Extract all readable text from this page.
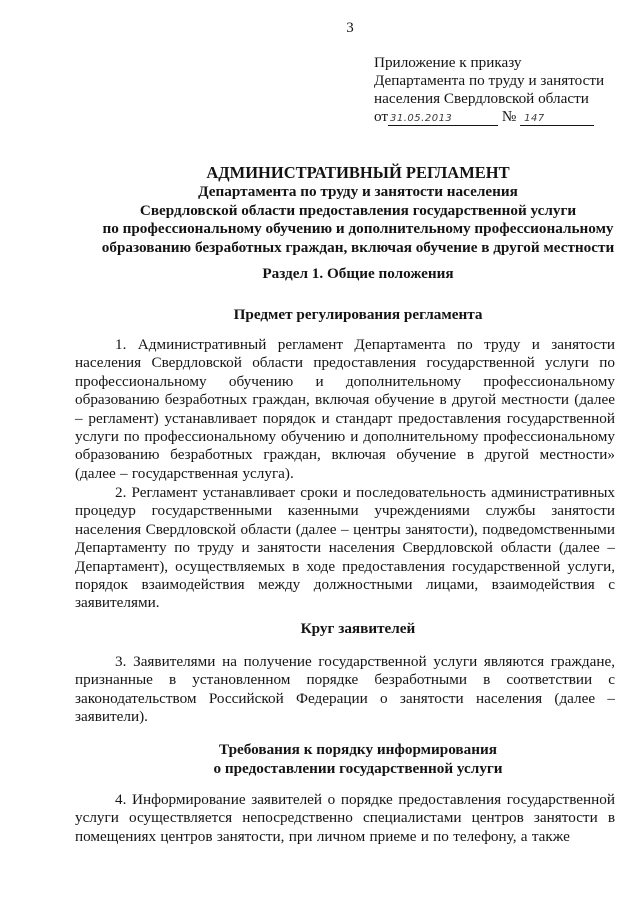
3
Приложение к приказу
Департамента по труду и занятости
населения Свердловской области
от 31.05.2013	№ 147
АДМИНИСТРАТИВНЫЙ РЕГЛАМЕНТ
Департамента по труду и занятости населения
Свердловской области предоставления государственной услуги
по профессиональному обучению и дополнительному профессиональному
образованию безработных граждан, включая обучение в другой местности
Раздел 1. Общие положения
Предмет регулирования регламента
1. Административный регламент Департамента по труду и занятости населения Свердловской области предоставления государственной услуги по профессиональному обучению и дополнительному профессиональному образованию безработных граждан, включая обучение в другой местности (далее – регламент) устанавливает порядок и стандарт предоставления государственной услуги по профессиональному обучению и дополнительному профессиональному образованию безработных граждан, включая обучение в другой местности» (далее – государственная услуга).
2. Регламент устанавливает сроки и последовательность административных процедур государственными казенными учреждениями службы занятости населения Свердловской области (далее – центры занятости), подведомственными Департаменту по труду и занятости населения Свердловской области (далее – Департамент), осуществляемых в ходе предоставления государственной услуги, порядок взаимодействия между должностными лицами, взаимодействия с заявителями.
Круг заявителей
3. Заявителями на получение государственной услуги являются граждане, признанные в установленном порядке безработными в соответствии с законодательством Российской Федерации о занятости населения (далее – заявители).
Требования к порядку информирования
о предоставлении государственной услуги
4. Информирование заявителей о порядке предоставления государственной услуги осуществляется непосредственно специалистами центров занятости в помещениях центров занятости, при личном приеме и по телефону, а также
